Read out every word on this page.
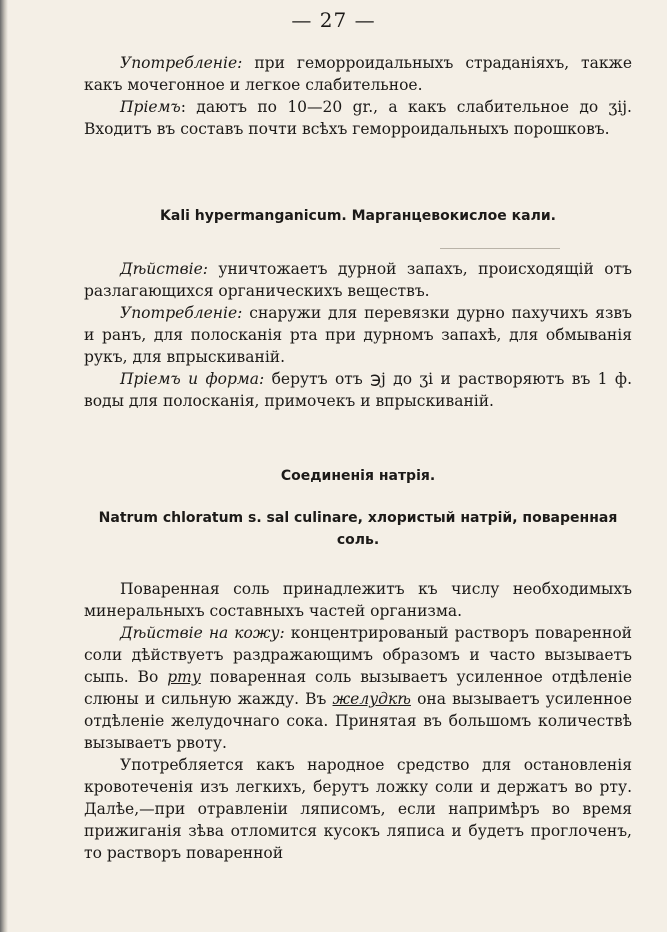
— 27 —

Употребленіе: при геморроидальныхъ страданіяхъ, также какъ мочегонное и легкое слабительное.

Пріемъ: даютъ по 10—20 gr., а какъ слабительное до ʒij. Входитъ въ составъ почти всѣхъ геморроидальныхъ порошковъ.

Kali hypermanganicum. Марганцевокислое кали.

Дѣйствіе: уничтожаетъ дурной запахъ, происходящій отъ разлагающихся органическихъ веществъ.

Употребленіе: снаружи для перевязки дурно пахучихъ язвъ и ранъ, для полосканія рта при дурномъ запахѣ, для обмыванія рукъ, для впрыскиваній.

Пріемъ и форма: берутъ отъ ℈j до ʒi и растворяютъ въ 1 ф. воды для полосканія, примочекъ и впрыскиваній.

Соединенія натрія.
Natrum chloratum s. sal culinare, хлористый натрій, поваренная соль.

Поваренная соль принадлежитъ къ числу необходимыхъ минеральныхъ составныхъ частей организма.

Дѣйствіе на кожу: концентрированый растворъ поваренной соли дѣйствуетъ раздражающимъ образомъ и часто вызываетъ сыпь. Во рту поваренная соль вызываетъ усиленное отдѣленіе слюны и сильную жажду. Въ желудкѣ она вызываетъ усиленное отдѣленіе желудочнаго сока. Принятая въ большомъ количествѣ вызываетъ рвоту.

Употребляется какъ народное средство для остановленія кровотеченія изъ легкихъ, берутъ ложку соли и держатъ во рту. Далѣе,—при отравленіи ляписомъ, если напримѣръ во время прижиганія зѣва отломится кусокъ ляписа и будетъ проглоченъ, то растворъ поваренной
